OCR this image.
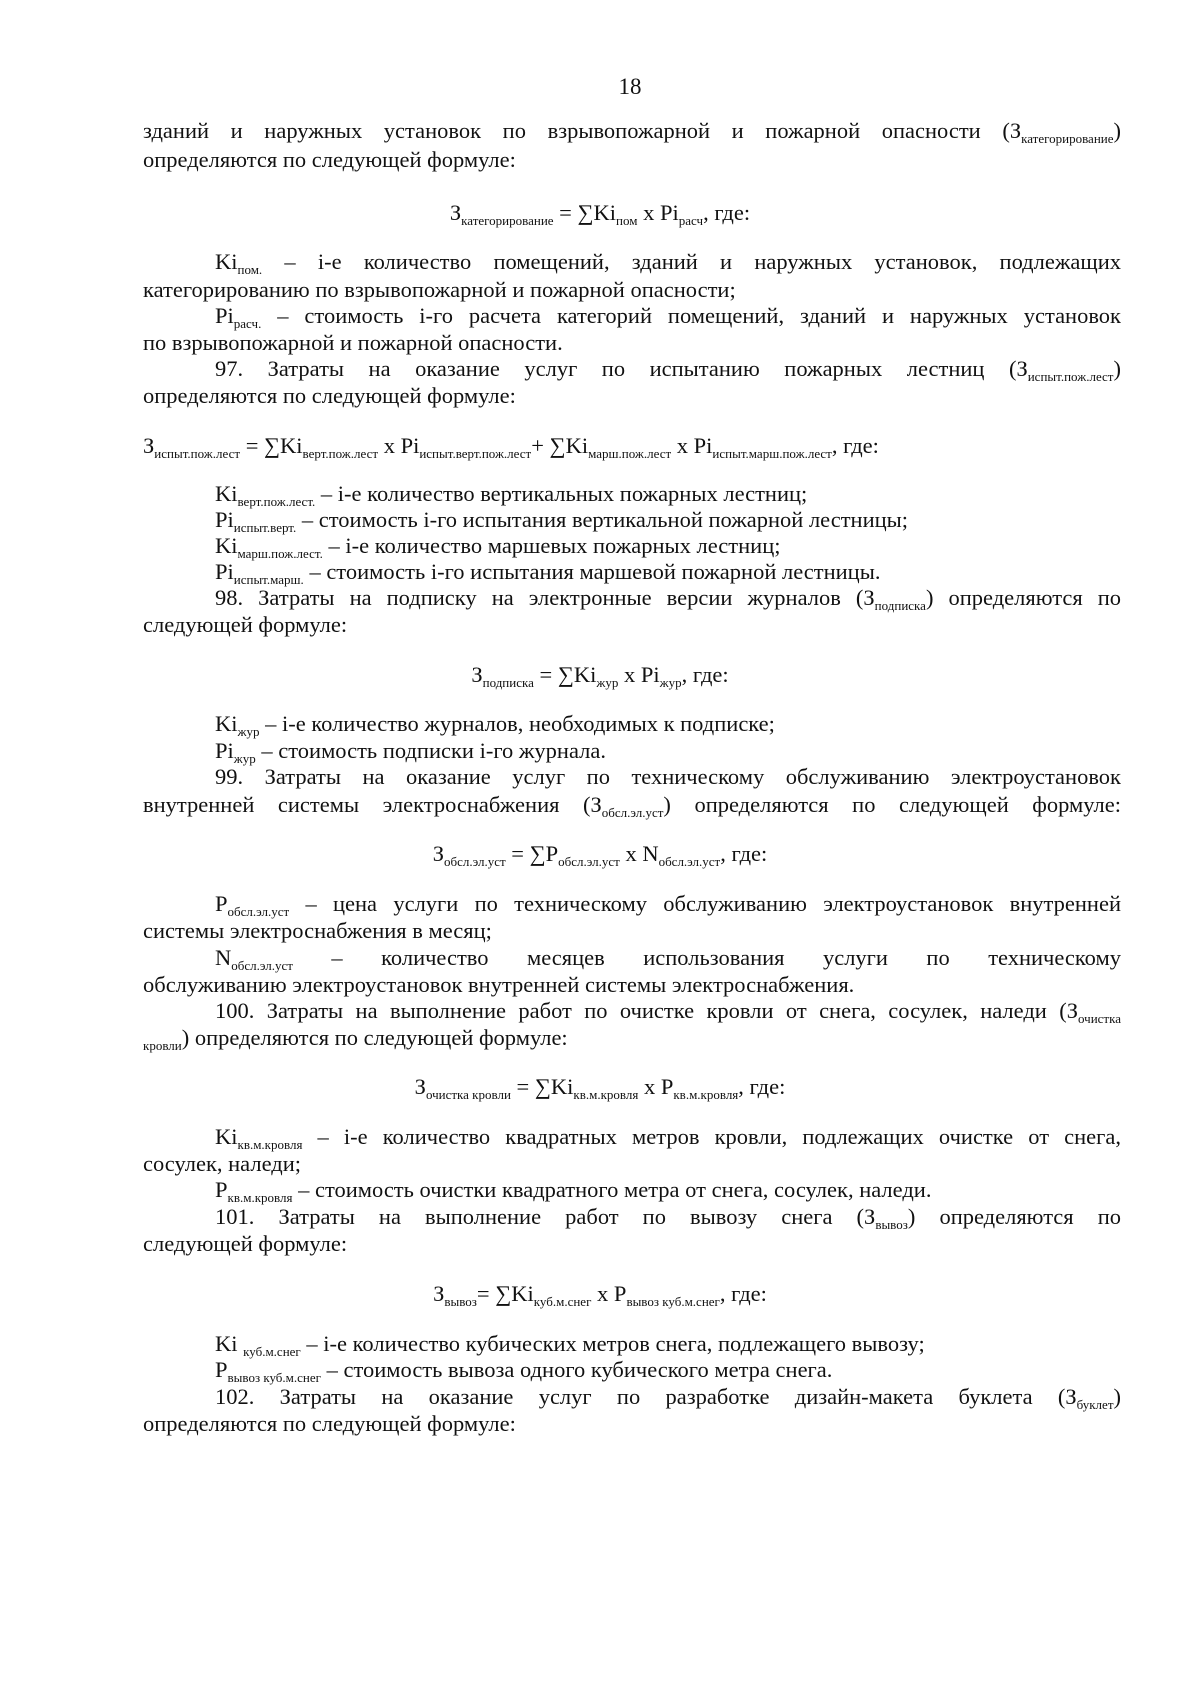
18
зданий и наружных установок по взрывопожарной и пожарной опасности $(З_{категорирование})$
определяются по следующей формуле:
$З_{категорирование} = \sum Ki_{пом}$ х $Pi_{расч}$, где:
$Ki_{пом.} - i-е$ количество помещений, зданий и наружных установок, подлежащих
категорированию по взрывопожарной и пожарной опасности;
$Pi_{расч.}$ – стоимость i-го расчета категорий помещений, зданий и наружных установок
по взрывопожарной и пожарной опасности.
97. Затраты на оказание услуг по испытанию пожарных лестниц $(З_{испыт.пож.лест})$
определяются по следующей формуле:
$З_{испыт.пож.лест} = \sum Ki_{верт.пож.лест}$ х $Pi_{испыт.верт.пож.лест}+ \sum Ki_{марш.пож.лест}$ х $Pi_{испыт.марш.пож.лест}$, где:
$Ki_{верт.пож.лест.} - i-е$ количество вертикальных пожарных лестниц;
$Pi_{испыт.верт.}$ – стоимость i-го испытания вертикальной пожарной лестницы;
$Ki_{марш.пож.лест.} - i-е$ количество маршевых пожарных лестниц;
$Pi_{испыт.марш.}$ – стоимость i-го испытания маршевой пожарной лестницы.
98. Затраты на подписку на электронные версии журналов $(З_{подписка})$ определяются по
следующей формуле:
$З_{подписка} = \sum Ki_{жур}$ х $Pi_{жур}$, где:
$Ki_{жур} - i-е$ количество журналов, необходимых к подписке;
$Pi_{жур}$ – стоимость подписки i-го журнала.
99. Затраты на оказание услуг по техническому обслуживанию электроустановок
внутренней системы электроснабжения $(З_{обсл.эл.уст})$ определяются по следующей формуле:
$З_{обсл.эл.уст} = \sum P_{обсл.эл.уст}$ х $N_{обсл.эл.уст}$, где:
$P_{обсл.эл.уст}$ – цена услуги по техническому обслуживанию электроустановок внутренней
системы электроснабжения в месяц;
$N_{обсл.эл.уст}$ – количество месяцев использования услуги по техническому
обслуживанию электроустановок внутренней системы электроснабжения.
100. Затраты на выполнение работ по очистке кровли от снега, сосулек, наледи ($З_{очистка}$
$_{кровли}$) определяются по следующей формуле:
$З_{очистка кровли} = \sum Ki_{кв.м.кровля}$ х $P_{кв.м.кровля}$, где:
$Ki_{кв.м.кровля} - i-е$ количество квадратных метров кровли, подлежащих очистке от снега,
сосулек, наледи;
$P_{кв.м.кровля}$ – стоимость очистки квадратного метра от снега, сосулек, наледи.
101. Затраты на выполнение работ по вывозу снега $(З_{вывоз})$ определяются по
следующей формуле:
$З_{вывоз}= \sum Ki_{куб.м.снег}$ х $P_{вывоз куб.м.снег}$, где:
Ki $_{куб.м.снег}$ – i-е количество кубических метров снега, подлежащего вывозу;
$P_{вывоз куб.м.снег}$ – стоимость вывоза одного кубического метра снега.
102. Затраты на оказание услуг по разработке дизайн-макета буклета $(З_{буклет})$
определяются по следующей формуле:
